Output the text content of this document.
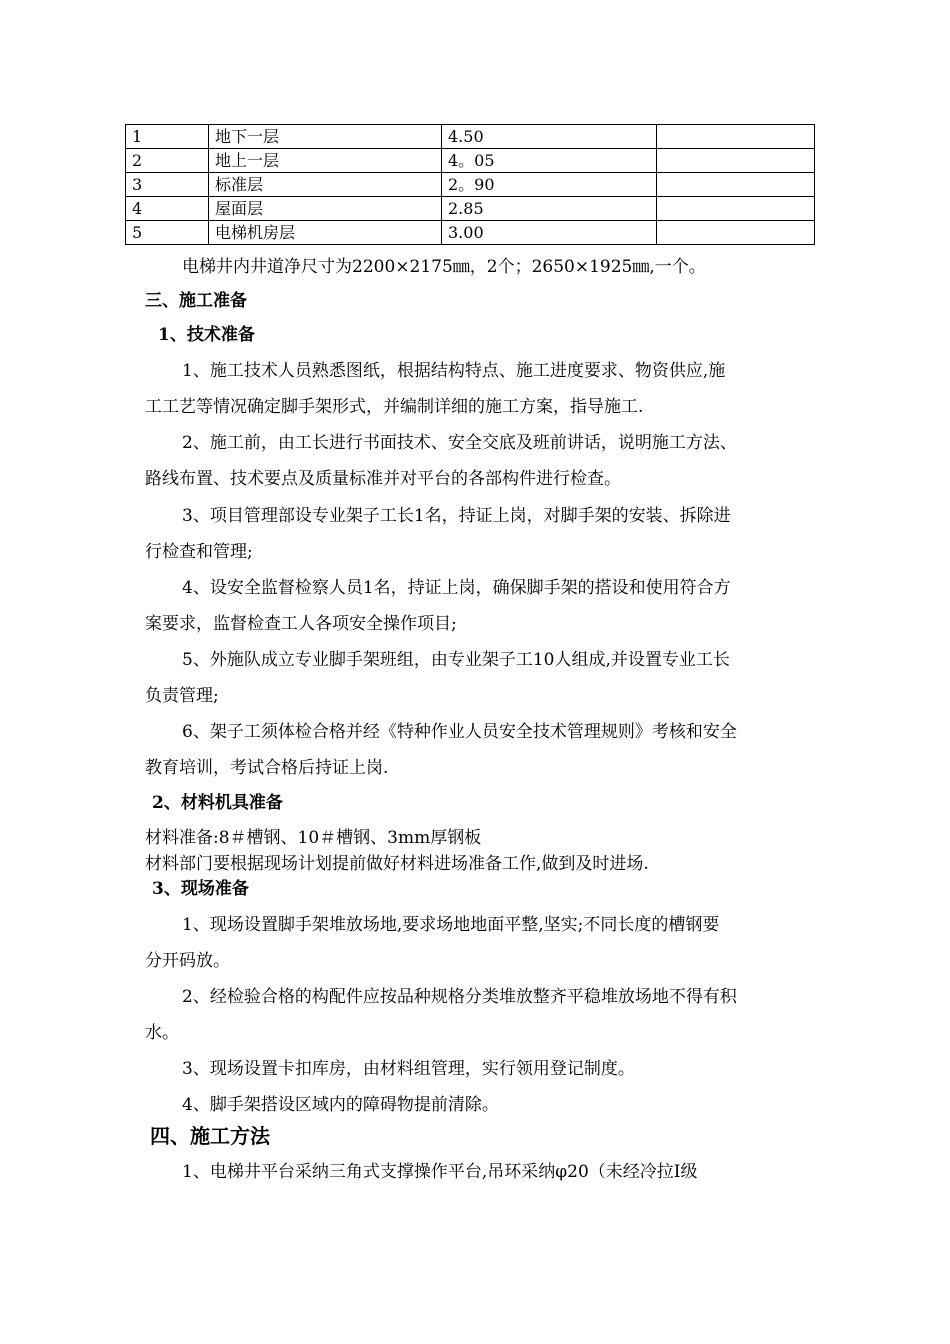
1	地下一层	4.50	
2	地上一层	4。05	
3	标准层	2。90	
4	屋面层	2.85	
5	电梯机房层	3.00	
电梯井内井道净尺寸为2200×2175㎜，2个；2650×1925㎜,一个。
三、施工准备
1、技术准备
1、施工技术人员熟悉图纸，根据结构特点、施工进度要求、物资供应,施
工工艺等情况确定脚手架形式，并编制详细的施工方案，指导施工.
2、施工前，由工长进行书面技术、安全交底及班前讲话，说明施工方法、
路线布置、技术要点及质量标准并对平台的各部构件进行检查。
3、项目管理部设专业架子工长1名，持证上岗，对脚手架的安装、拆除进
行检查和管理;
4、设安全监督检察人员1名，持证上岗，确保脚手架的搭设和使用符合方
案要求，监督检查工人各项安全操作项目;
5、外施队成立专业脚手架班组，由专业架子工10人组成,并设置专业工长
负责管理;
6、架子工须体检合格并经《特种作业人员安全技术管理规则》考核和安全
教育培训，考试合格后持证上岗.
2、材料机具准备
材料准备:8＃槽钢、10＃槽钢、3mm厚钢板
材料部门要根据现场计划提前做好材料进场准备工作,做到及时进场.
3、现场准备
1、现场设置脚手架堆放场地,要求场地地面平整,坚实;不同长度的槽钢要
分开码放。
2、经检验合格的构配件应按品种规格分类堆放整齐平稳堆放场地不得有积
水。
3、现场设置卡扣库房，由材料组管理，实行领用登记制度。
4、脚手架搭设区域内的障碍物提前清除。
四、施工方法
1、电梯井平台采纳三角式支撑操作平台,吊环采纳φ20（未经冷拉Ⅰ级
